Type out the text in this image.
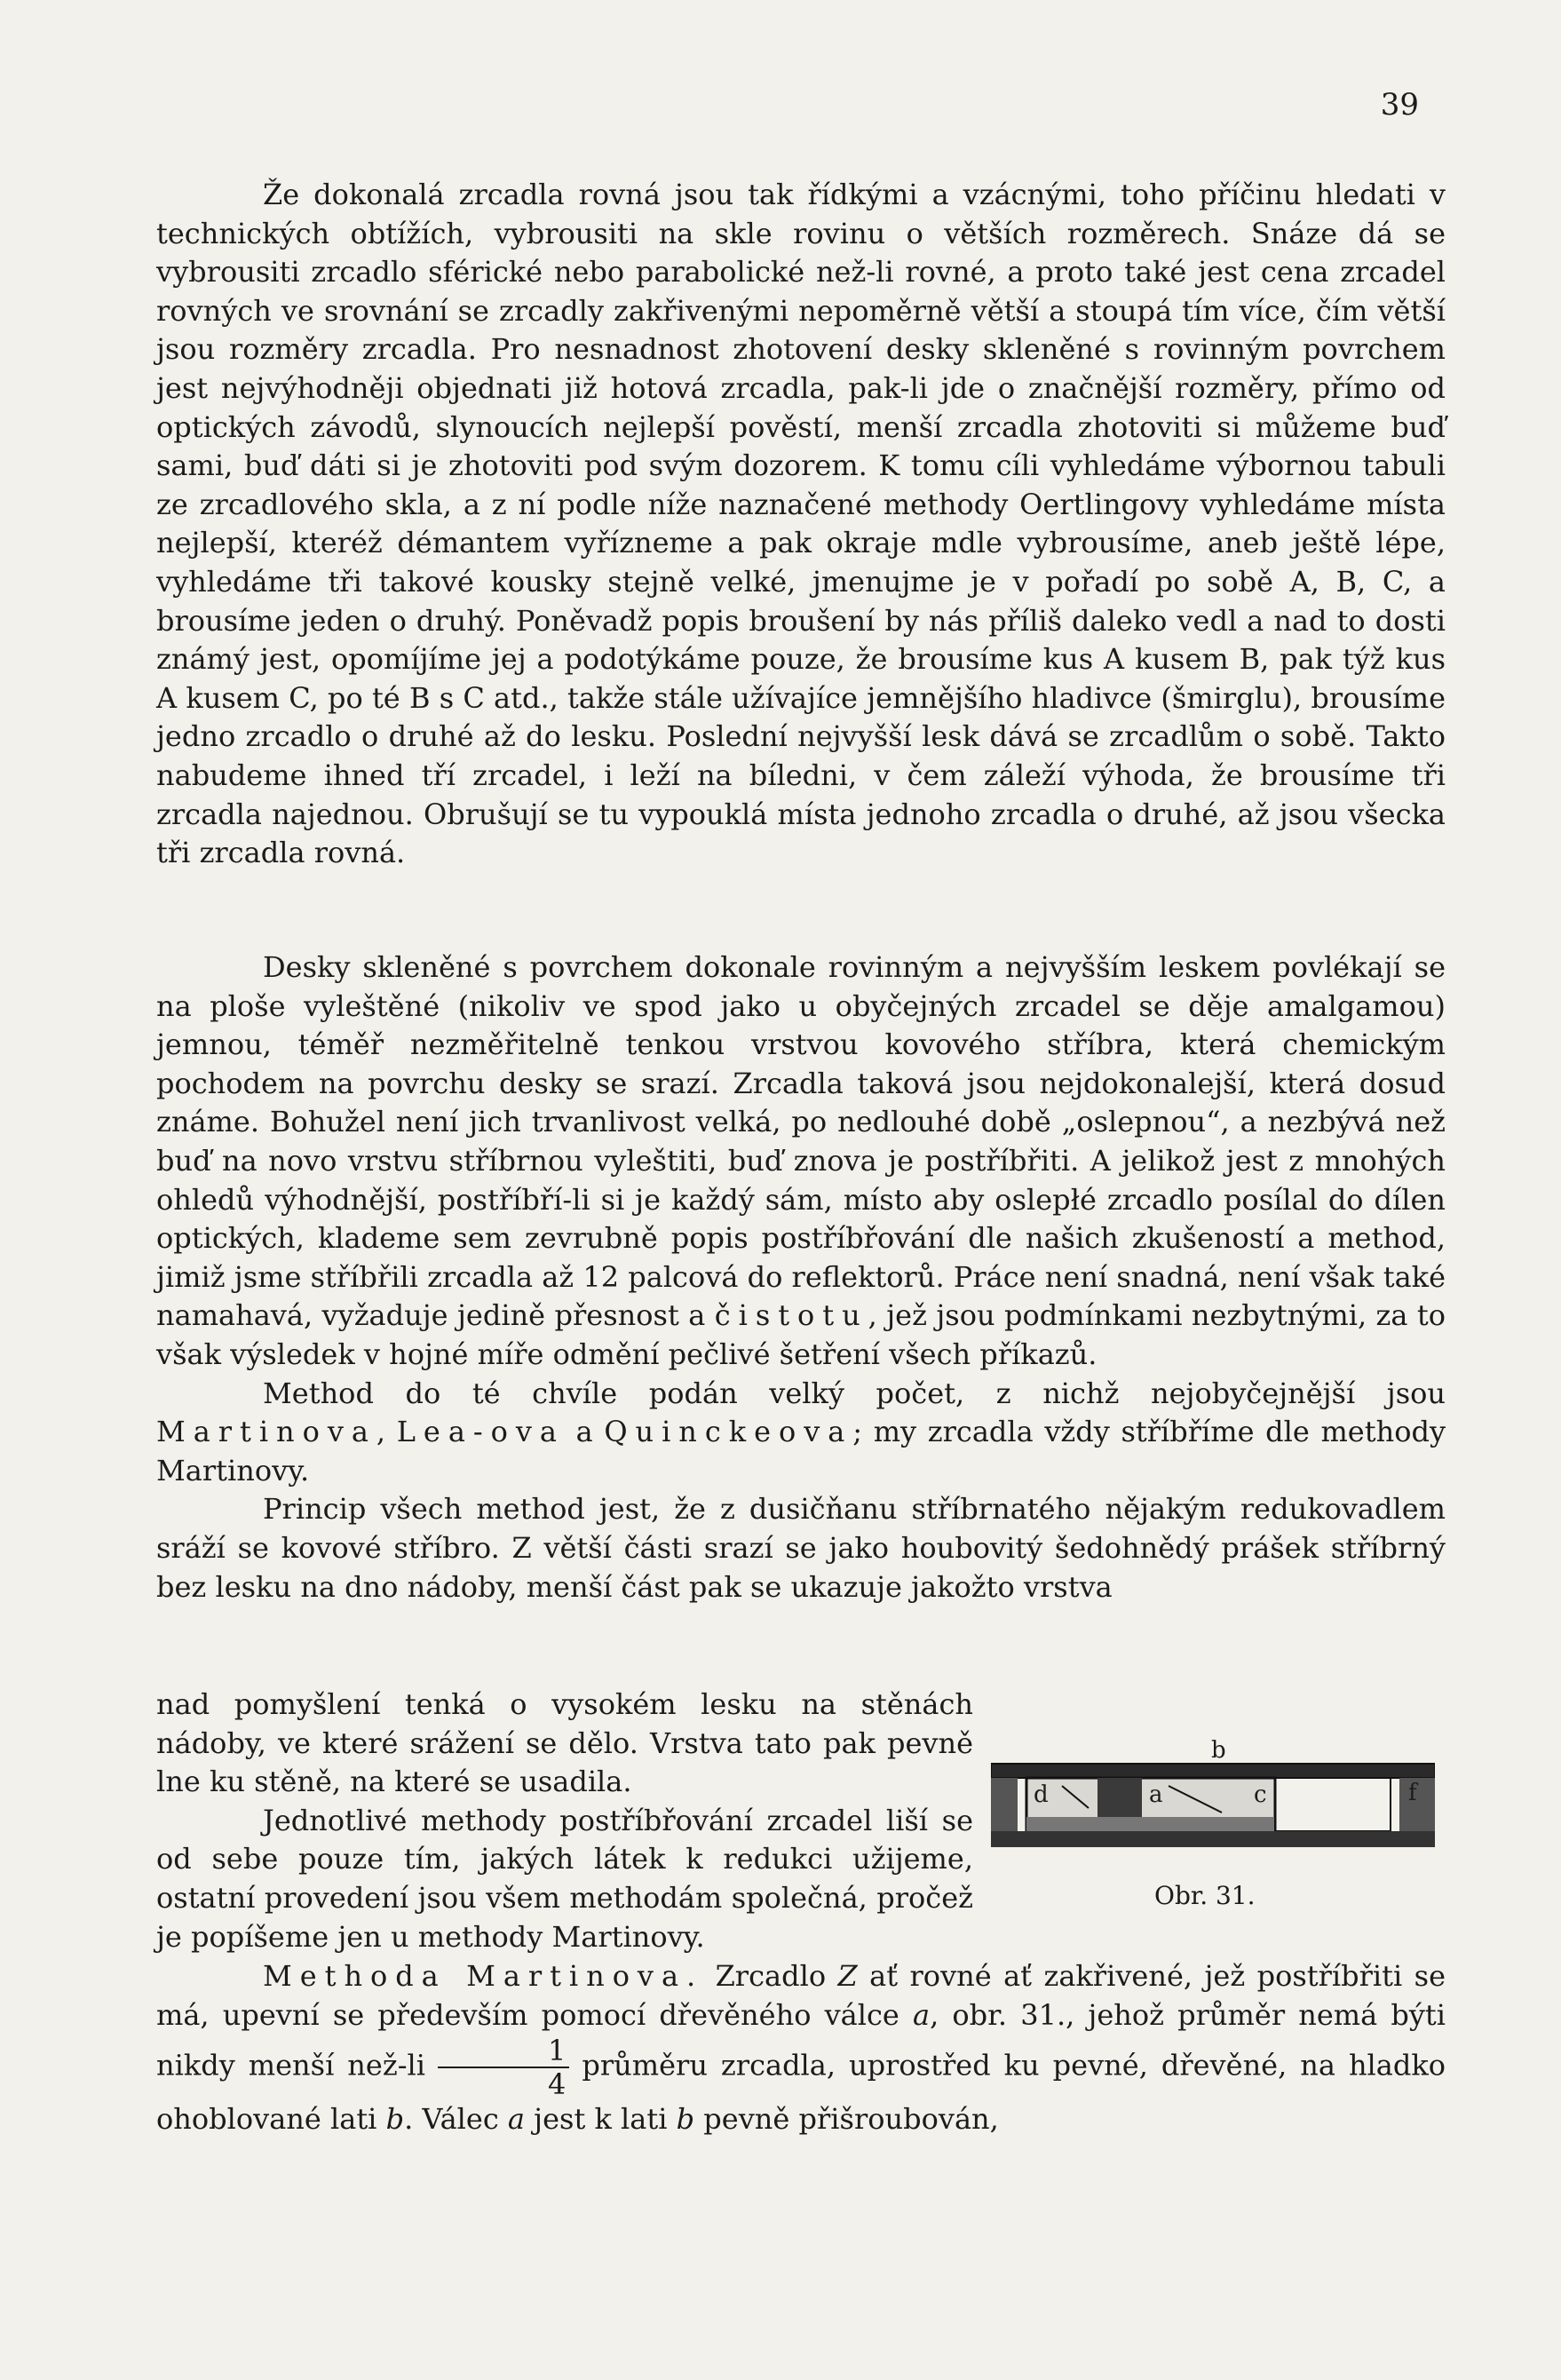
39

Že dokonalá zrcadla rovná jsou tak řídkými a vzácnými, toho příčinu hledati v technických obtížích, vybrousiti na skle rovinu o větších rozměrech. Snáze dá se vybrousiti zrcadlo sférické nebo parabolické než-li rovné, a proto také jest cena zrcadel rovných ve srovnání se zrcadly zakřivenými nepoměrně větší a stoupá tím více, čím větší jsou rozměry zrcadla. Pro nesnadnost zhotovení desky skleněné s rovinným povrchem jest nejvýhodněji objednati již hotová zrcadla, pak-li jde o značnější rozměry, přímo od optických závodů, slynoucích nejlepší pověstí, menší zrcadla zhotoviti si můžeme buď sami, buď dáti si je zhotoviti pod svým dozorem. K tomu cíli vyhledáme výbornou tabuli ze zrcadlového skla, a z ní podle níže naznačené methody Oertlingovy vyhledáme místa nejlepší, kteréž démantem vyřízneme a pak okraje mdle vybrousíme, aneb ještě lépe, vyhledáme tři takové kousky stejně velké, jmenujme je v pořadí po sobě A, B, C, a brousíme jeden o druhý. Poněvadž popis broušení by nás příliš daleko vedl a nad to dosti známý jest, opomíjíme jej a podotýkáme pouze, že brousíme kus A kusem B, pak týž kus A kusem C, po té B s C atd., takže stále užívajíce jemnějšího hladivce (šmirglu), brousíme jedno zrcadlo o druhé až do lesku. Poslední nejvyšší lesk dává se zrcadlům o sobě. Takto nabudeme ihned tří zrcadel, i leží na bíledni, v čem záleží výhoda, že brousíme tři zrcadla najednou. Obrušují se tu vypouklá místa jednoho zrcadla o druhé, až jsou všecka tři zrcadla rovná.

Desky skleněné s povrchem dokonale rovinným a nejvyšším leskem povlékají se na ploše vyleštěné (nikoliv ve spod jako u obyčejných zrcadel se děje amalgamou) jemnou, téměř nezměřitelně tenkou vrstvou kovového stříbra, která chemickým pochodem na povrchu desky se srazí. Zrcadla taková jsou nejdokonalejší, která dosud známe. Bohužel není jich trvanlivost velká, po nedlouhé době „oslepnou“, a nezbývá než buď na novo vrstvu stříbrnou vyleštiti, buď znova je postříbřiti. A jelikož jest z mnohých ohledů výhodnější, postříbří-li si je každý sám, místo aby oslepłé zrcadlo posílal do dílen optických, klademe sem zevrubně popis postříbřování dle našich zkušeností a method, jimiž jsme stříbřili zrcadla až 12 palcová do reflektorů. Práce není snadná, není však také namahavá, vyžaduje jedině přesnost a čistotu, jež jsou podmínkami nezbytnými, za to však výsledek v hojné míře odmění pečlivé šetření všech příkazů.

Method do té chvíle podán velký počet, z nichž nejobyčejnější jsou Martinova, Lea-ova a Quinckeova; my zrcadla vždy stříbříme dle methody Martinovy.

Princip všech method jest, že z dusičňanu stříbrnatého nějakým redukovadlem sráží se kovové stříbro. Z větší části srazí se jako houbovitý šedohnědý prášek stříbrný bez lesku na dno nádoby, menší část pak se ukazuje jakožto vrstva

nad pomyšlení tenká o vysokém lesku na stěnách nádoby, ve které srážení se dělo. Vrstva tato pak pevně lne ku stěně, na které se usadila.

Jednotlivé methody postříbřování zrcadel liší se od sebe pouze tím, jakých látek k redukci užijeme, ostatní provedení jsou všem methodám společná, pročež je popíšeme jen u methody Martinovy.

b
d	a	c	f
Obr. 31.

Methoda Martinova. Zrcadlo Z ať rovné ať zakřivené, jež postříbřiti se má, upevní se především pomocí dřevěného válce a, obr. 31., jehož průměr nemá býti nikdy menší než-li $\frac{1}{4}$ průměru zrcadla, uprostřed ku pevné, dřevěné, na hladko ohoblované lati b. Válec a jest k lati b pevně přišroubován,
